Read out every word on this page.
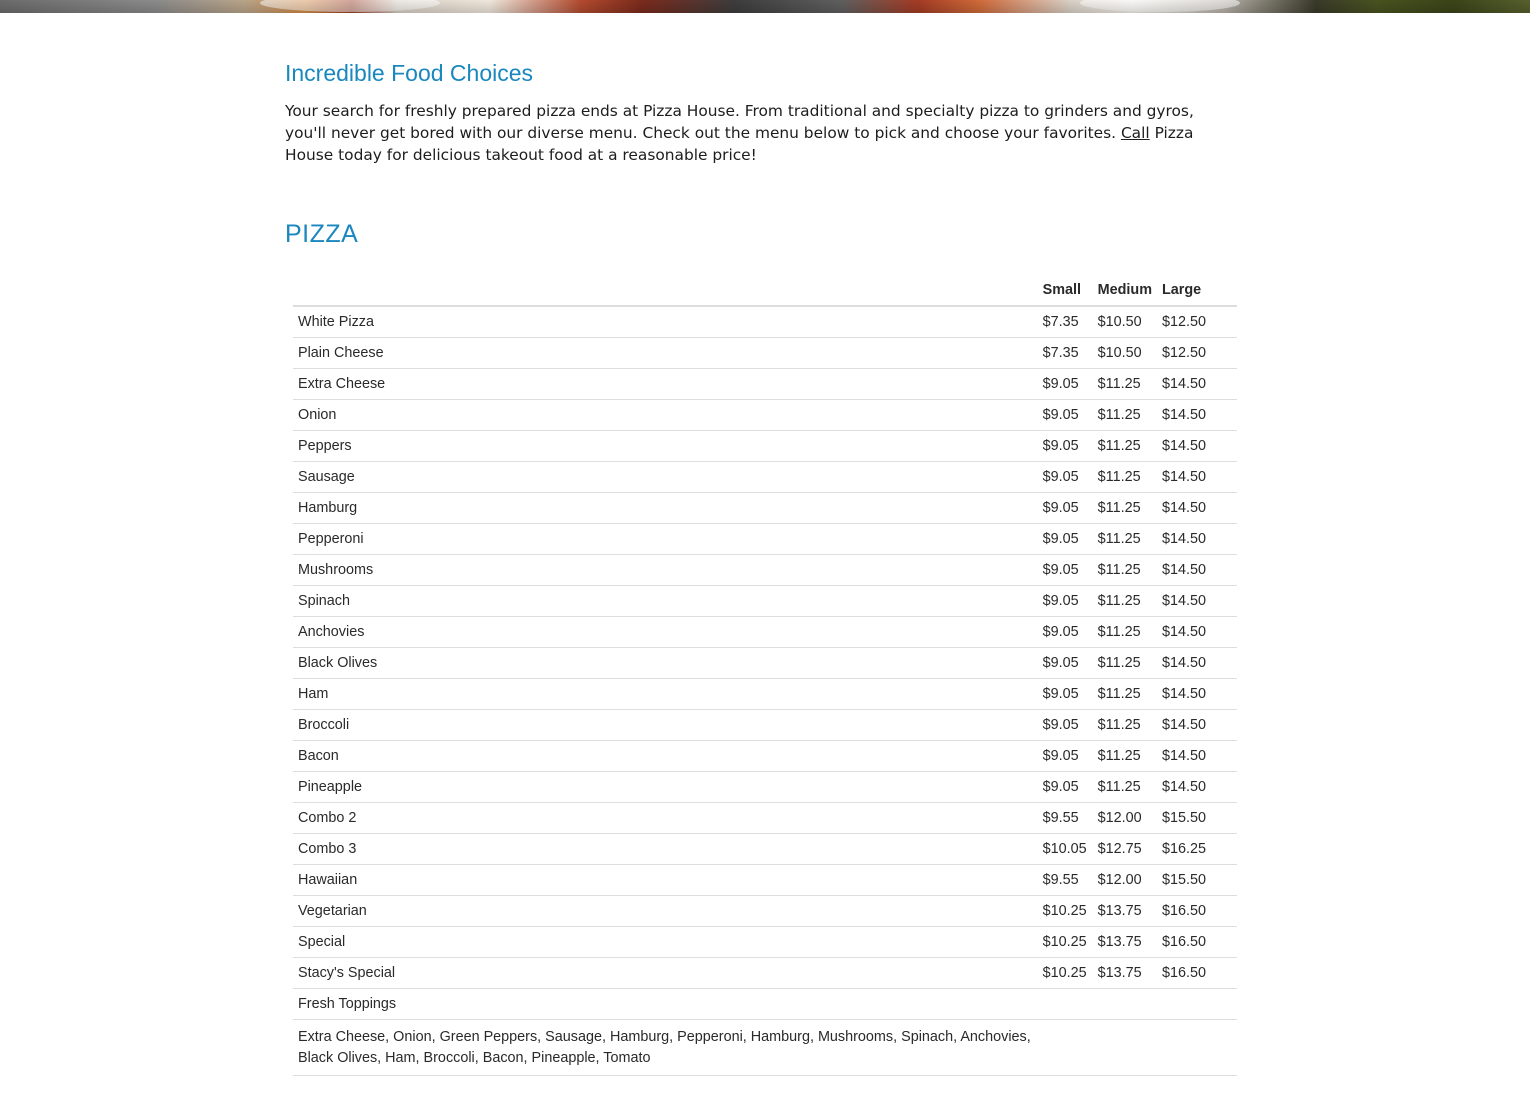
Incredible Food Choices

Your search for freshly prepared pizza ends at Pizza House. From traditional and specialty pizza to grinders and gyros, you'll never get bored with our diverse menu. Check out the menu below to pick and choose your favorites. Call Pizza House today for delicious takeout food at a reasonable price!

PIZZA
	Small	Medium	Large
White Pizza	$7.35	$10.50	$12.50
Plain Cheese	$7.35	$10.50	$12.50
Extra Cheese	$9.05	$11.25	$14.50
Onion	$9.05	$11.25	$14.50
Peppers	$9.05	$11.25	$14.50
Sausage	$9.05	$11.25	$14.50
Hamburg	$9.05	$11.25	$14.50
Pepperoni	$9.05	$11.25	$14.50
Mushrooms	$9.05	$11.25	$14.50
Spinach	$9.05	$11.25	$14.50
Anchovies	$9.05	$11.25	$14.50
Black Olives	$9.05	$11.25	$14.50
Ham	$9.05	$11.25	$14.50
Broccoli	$9.05	$11.25	$14.50
Bacon	$9.05	$11.25	$14.50
Pineapple	$9.05	$11.25	$14.50
Combo 2	$9.55	$12.00	$15.50
Combo 3	$10.05	$12.75	$16.25
Hawaiian	$9.55	$12.00	$15.50
Vegetarian	$10.25	$13.75	$16.50
Special	$10.25	$13.75	$16.50
Stacy's Special	$10.25	$13.75	$16.50
Fresh Toppings			
Extra Cheese, Onion, Green Peppers, Sausage, Hamburg, Pepperoni, Hamburg, Mushrooms, Spinach, Anchovies, Black Olives, Ham, Broccoli, Bacon, Pineapple, Tomato			
